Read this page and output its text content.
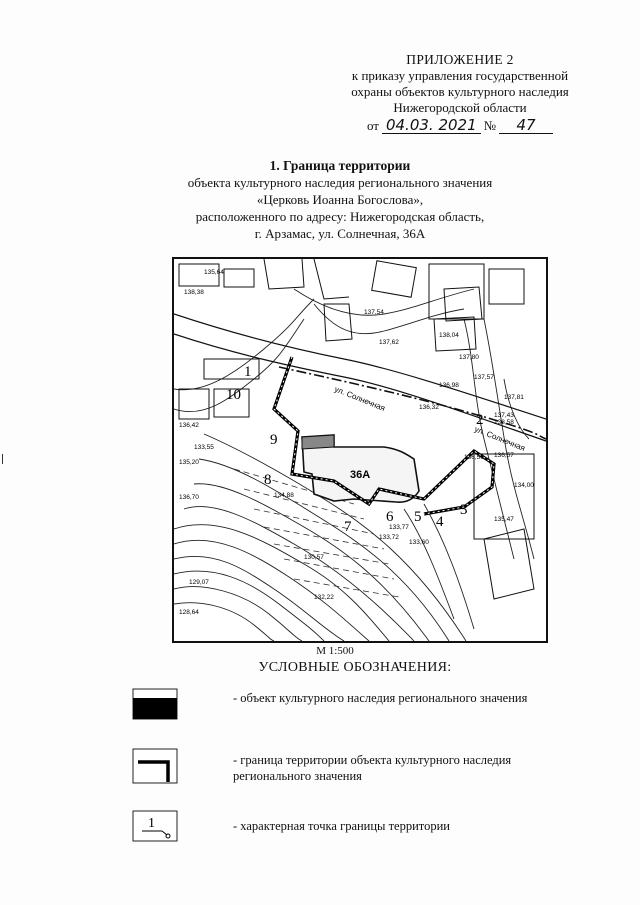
ПРИЛОЖЕНИЕ 2
к приказу управления государственной
охраны объектов культурного наследия
Нижегородской области
от 04.03. 2021 №	47
1. Граница территории
объекта культурного наследия регионального значения
«Церковь Иоанна Богослова»,
расположенного по адресу: Нижегородская область,
г. Арзамас, ул. Солнечная, 36А
1
2
3
4
5
6
7
8
9
10	ул. Солнечная
ул. Солнечная
36A
135,64
138,38
137,54
137,62
137,80
138,04
137,57
136,98
137,81
136,32
137,43
136,42
135,20
136,70
133,55
134,88
136,50 136,57
135,47
134,00
133,77
133,60
133,72
132,22
129,07
128,64
130,57
138,58
М 1:500
УСЛОВНЫЕ ОБОЗНАЧЕНИЯ:
- объект культурного наследия регионального значения
- граница территории объекта культурного наследия регионального значения
1	- характерная точка границы территории
